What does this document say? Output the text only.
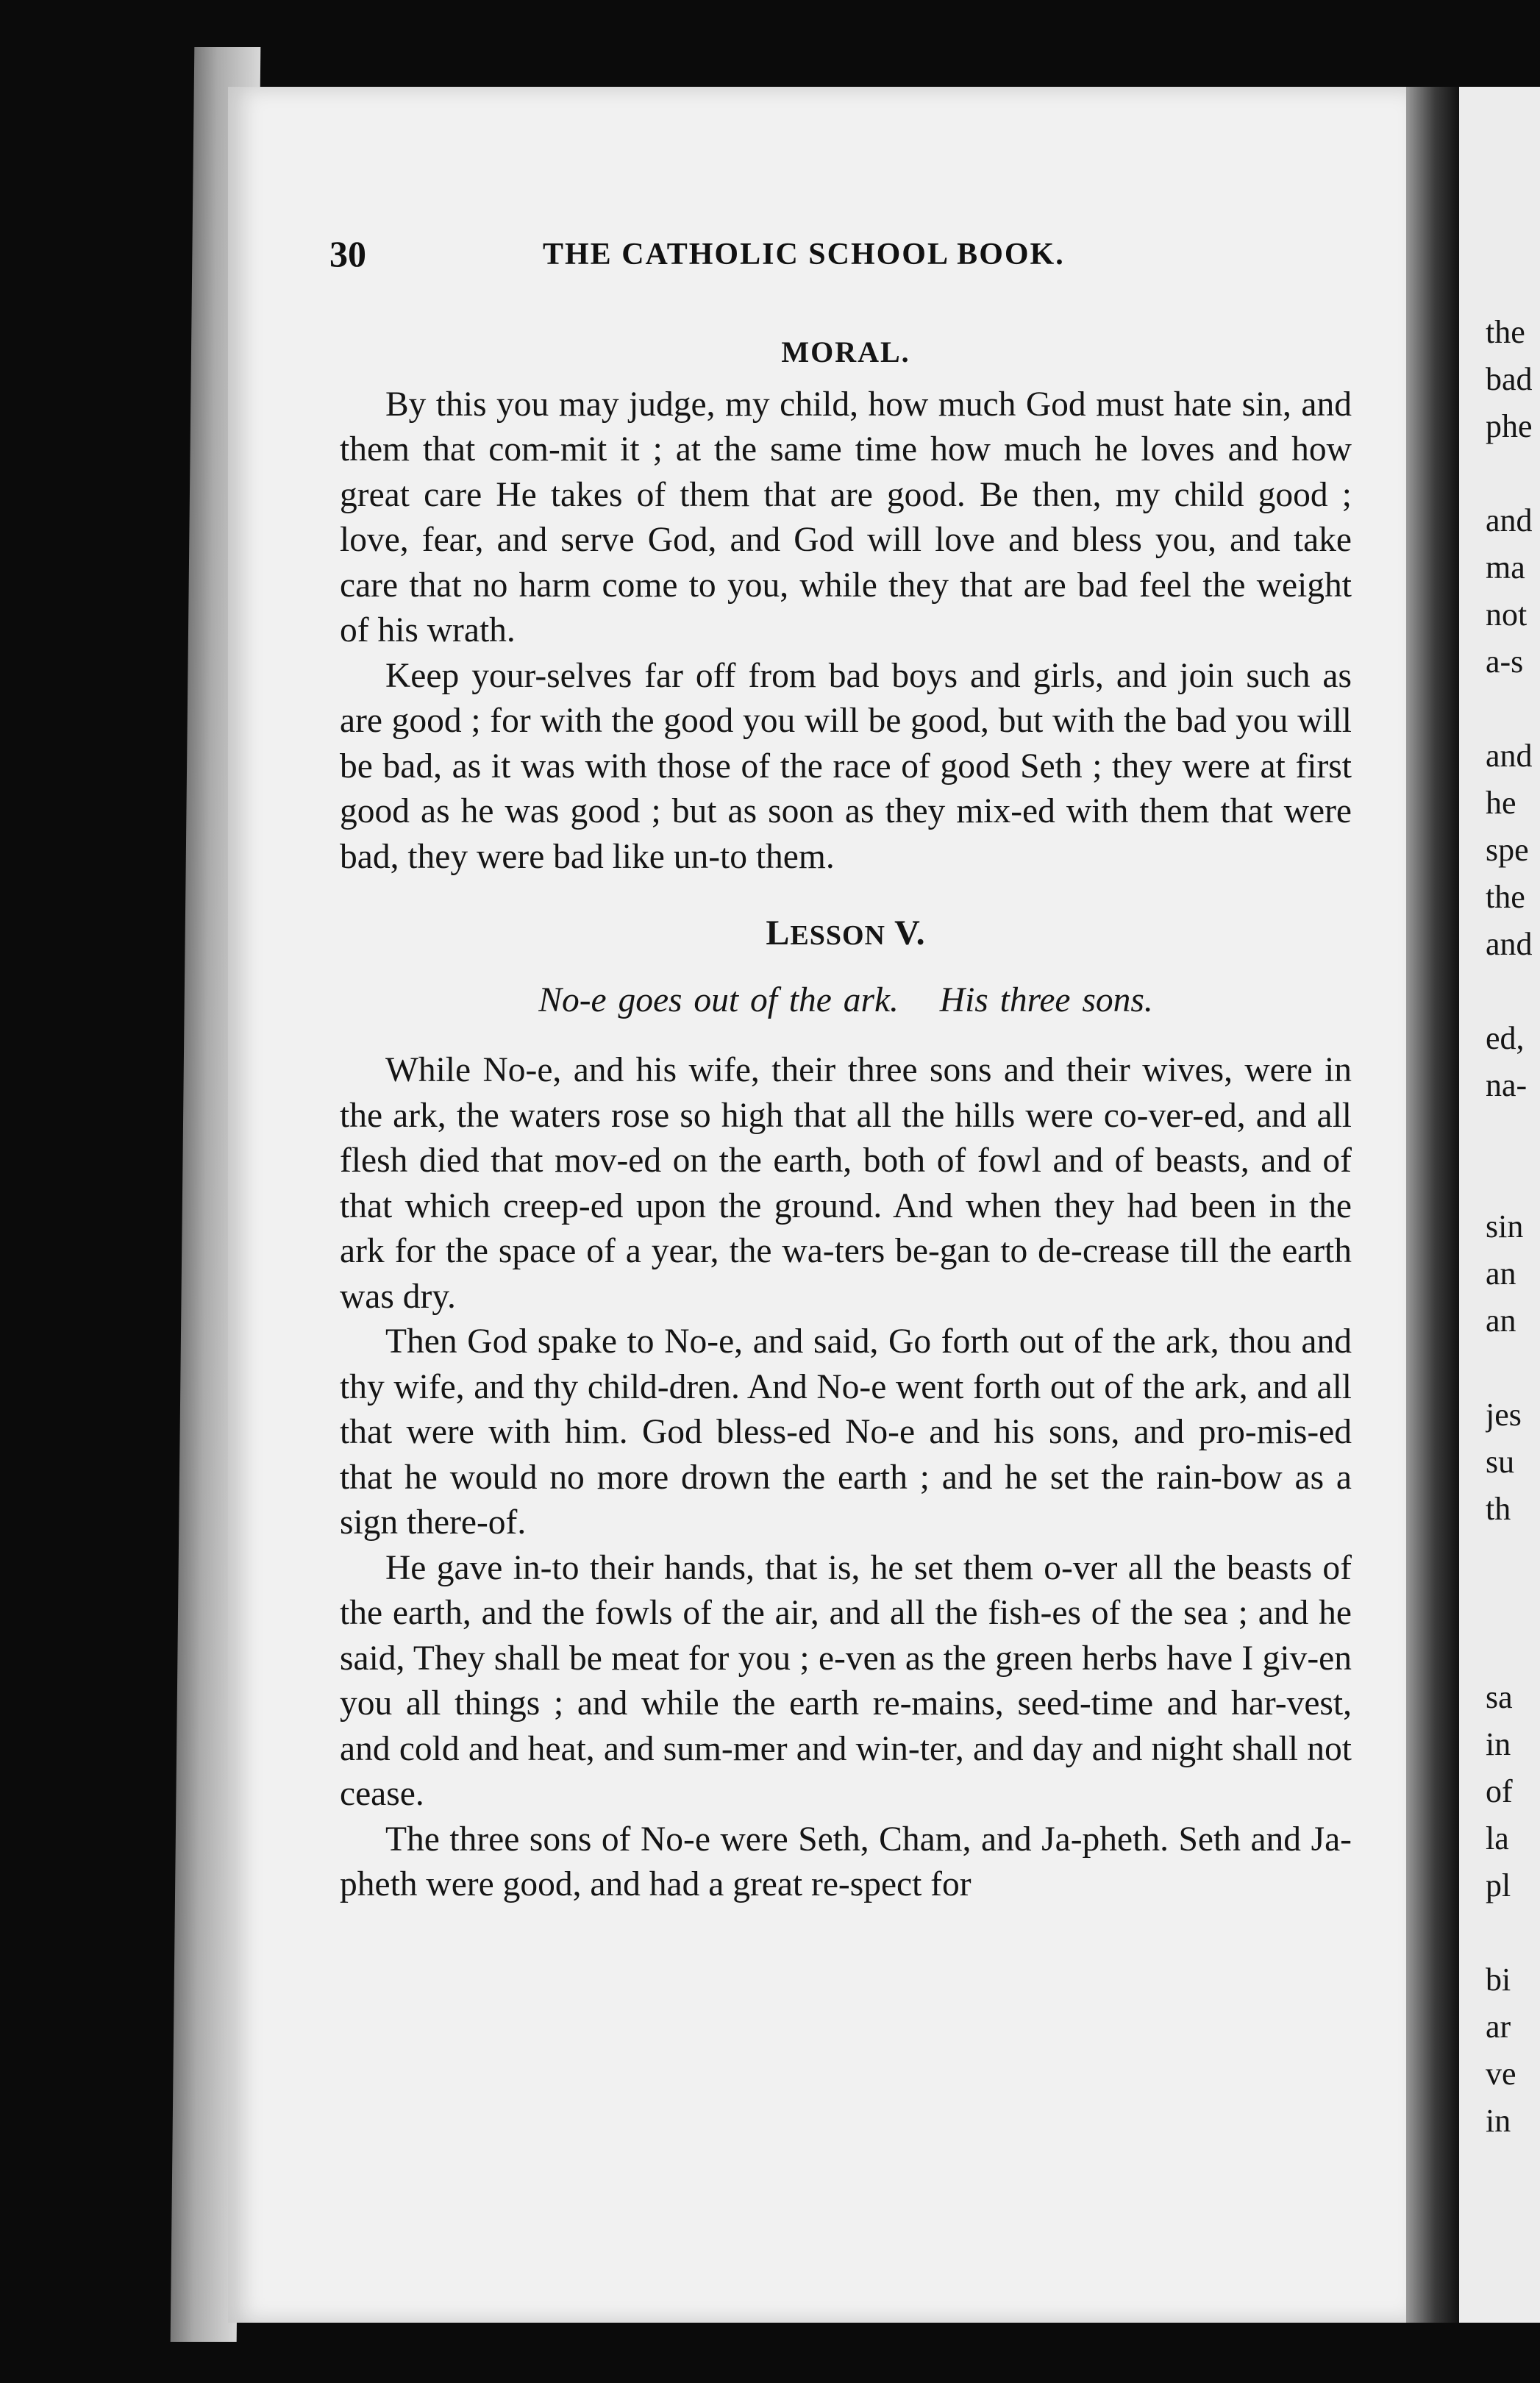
30	THE CATHOLIC SCHOOL BOOK.
MORAL.

By this you may judge, my child, how much God must hate sin, and them that com-mit it ; at the same time how much he loves and how great care He takes of them that are good. Be then, my child good ; love, fear, and serve God, and God will love and bless you, and take care that no harm come to you, while they that are bad feel the weight of his wrath.

Keep your-selves far off from bad boys and girls, and join such as are good ; for with the good you will be good, but with the bad you will be bad, as it was with those of the race of good Seth ; they were at first good as he was good ; but as soon as they mix-ed with them that were bad, they were bad like un-to them.

LESSON V.
No-e goes out of the ark. His three sons.

While No-e, and his wife, their three sons and their wives, were in the ark, the waters rose so high that all the hills were co-ver-ed, and all flesh died that mov-ed on the earth, both of fowl and of beasts, and of that which creep-ed upon the ground. And when they had been in the ark for the space of a year, the wa-ters be-gan to de-crease till the earth was dry.

Then God spake to No-e, and said, Go forth out of the ark, thou and thy wife, and thy child-dren. And No-e went forth out of the ark, and all that were with him. God bless-ed No-e and his sons, and pro-mis-ed that he would no more drown the earth ; and he set the rain-bow as a sign there-of.

He gave in-to their hands, that is, he set them o-ver all the beasts of the earth, and the fowls of the air, and all the fish-es of the sea ; and he said, They shall be meat for you ; e-ven as the green herbs have I giv-en you all things ; and while the earth re-mains, seed-time and har-vest, and cold and heat, and sum-mer and win-ter, and day and night shall not cease.

The three sons of No-e were Seth, Cham, and Ja-pheth. Seth and Ja-pheth were good, and had a great re-spect for

the
bad
phe

and
ma
not
a-s

and
he
spe
the
and

ed,
na-

sin
an
an

jes
su
th

sa
in
of
la
pl

bi
ar
ve
in
